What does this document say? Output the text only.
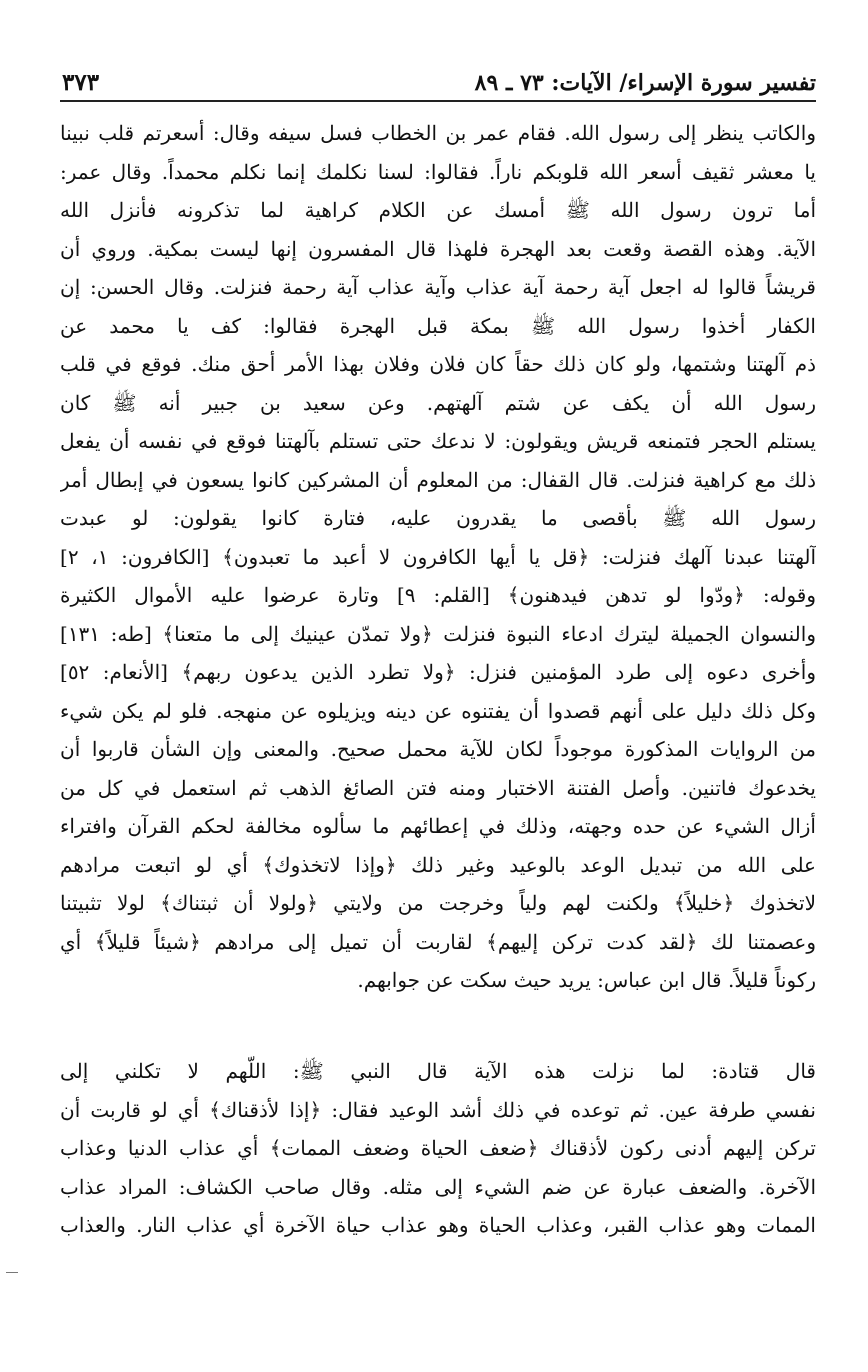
تفسير سورة الإسراء/ الآيات: ٧٣ ـ ٨٩
٣٧٣
والكاتب ينظر إلى رسول الله. فقام عمر بن الخطاب فسل سيفه وقال: أسعرتم قلب نبينا
يا معشر ثقيف أسعر الله قلوبكم ناراً. فقالوا: لسنا نكلمك إنما نكلم محمداً. وقال عمر:
أما ترون رسول الله ﷺ أمسك عن الكلام كراهية لما تذكرونه فأنزل الله
الآية. وهذه القصة وقعت بعد الهجرة فلهذا قال المفسرون إنها ليست بمكية. وروي أن
قريشاً قالوا له اجعل آية رحمة آية عذاب وآية عذاب آية رحمة فنزلت. وقال الحسن: إن
الكفار أخذوا رسول الله ﷺ بمكة قبل الهجرة فقالوا: كف يا محمد عن
ذم آلهتنا وشتمها، ولو كان ذلك حقاً كان فلان وفلان بهذا الأمر أحق منك. فوقع في قلب
رسول الله أن يكف عن شتم آلهتهم. وعن سعيد بن جبير أنه ﷺ كان
يستلم الحجر فتمنعه قريش ويقولون: لا ندعك حتى تستلم بآلهتنا فوقع في نفسه أن يفعل
ذلك مع كراهية فنزلت. قال القفال: من المعلوم أن المشركين كانوا يسعون في إبطال أمر
رسول الله ﷺ بأقصى ما يقدرون عليه، فتارة كانوا يقولون: لو عبدت
آلهتنا عبدنا آلهك فنزلت: ﴿قل يا أيها الكافرون لا أعبد ما تعبدون﴾ [الكافرون: ١، ٢]
وقوله: ﴿ودّوا لو تدهن فيدهنون﴾ [القلم: ٩] وتارة عرضوا عليه الأموال الكثيرة
والنسوان الجميلة ليترك ادعاء النبوة فنزلت ﴿ولا تمدّن عينيك إلى ما متعنا﴾ [طه: ١٣١]
وأخرى دعوه إلى طرد المؤمنين فنزل: ﴿ولا تطرد الذين يدعون ربهم﴾ [الأنعام: ٥٢]
وكل ذلك دليل على أنهم قصدوا أن يفتنوه عن دينه ويزيلوه عن منهجه. فلو لم يكن شيء
من الروايات المذكورة موجوداً لكان للآية محمل صحيح. والمعنى وإن الشأن قاربوا أن
يخدعوك فاتنين. وأصل الفتنة الاختبار ومنه فتن الصائغ الذهب ثم استعمل في كل من
أزال الشيء عن حده وجهته، وذلك في إعطائهم ما سألوه مخالفة لحكم القرآن وافتراء
على الله من تبديل الوعد بالوعيد وغير ذلك ﴿وإذا لاتخذوك﴾ أي لو اتبعت مرادهم
لاتخذوك ﴿خليلاً﴾ ولكنت لهم ولياً وخرجت من ولايتي ﴿ولولا أن ثبتناك﴾ لولا تثبيتنا
وعصمتنا لك ﴿لقد كدت تركن إليهم﴾ لقاربت أن تميل إلى مرادهم ﴿شيئاً قليلاً﴾ أي
ركوناً قليلاً. قال ابن عباس: يريد حيث سكت عن جوابهم.
قال قتادة: لما نزلت هذه الآية قال النبي ﷺ: اللّهم لا تكلني إلى
نفسي طرفة عين. ثم توعده في ذلك أشد الوعيد فقال: ﴿إذا لأذقناك﴾ أي لو قاربت أن
تركن إليهم أدنى ركون لأذقناك ﴿ضعف الحياة وضعف الممات﴾ أي عذاب الدنيا وعذاب
الآخرة. والضعف عبارة عن ضم الشيء إلى مثله. وقال صاحب الكشاف: المراد عذاب
الممات وهو عذاب القبر، وعذاب الحياة وهو عذاب حياة الآخرة أي عذاب النار. والعذاب
